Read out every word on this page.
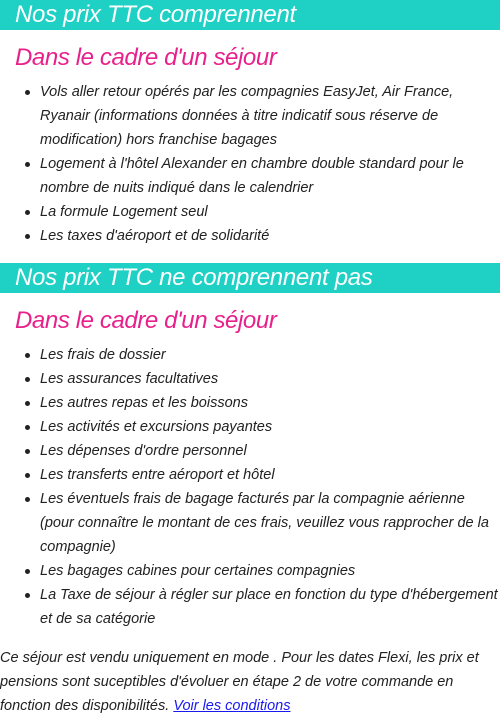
Nos prix TTC comprennent
Dans le cadre d'un séjour
Vols aller retour opérés par les compagnies EasyJet, Air France, Ryanair (informations données à titre indicatif sous réserve de modification) hors franchise bagages
Logement à l'hôtel Alexander en chambre double standard pour le nombre de nuits indiqué dans le calendrier
La formule Logement seul
Les taxes d'aéroport et de solidarité
Nos prix TTC ne comprennent pas
Dans le cadre d'un séjour
Les frais de dossier
Les assurances facultatives
Les autres repas et les boissons
Les activités et excursions payantes
Les dépenses d'ordre personnel
Les transferts entre aéroport et hôtel
Les éventuels frais de bagage facturés par la compagnie aérienne (pour connaître le montant de ces frais, veuillez vous rapprocher de la compagnie)
Les bagages cabines pour certaines compagnies
La Taxe de séjour à régler sur place en fonction du type d'hébergement et de sa catégorie
Ce séjour est vendu uniquement en mode . Pour les dates Flexi, les prix et pensions sont suceptibles d'évoluer en étape 2 de votre commande en fonction des disponibilités. Voir les conditions
